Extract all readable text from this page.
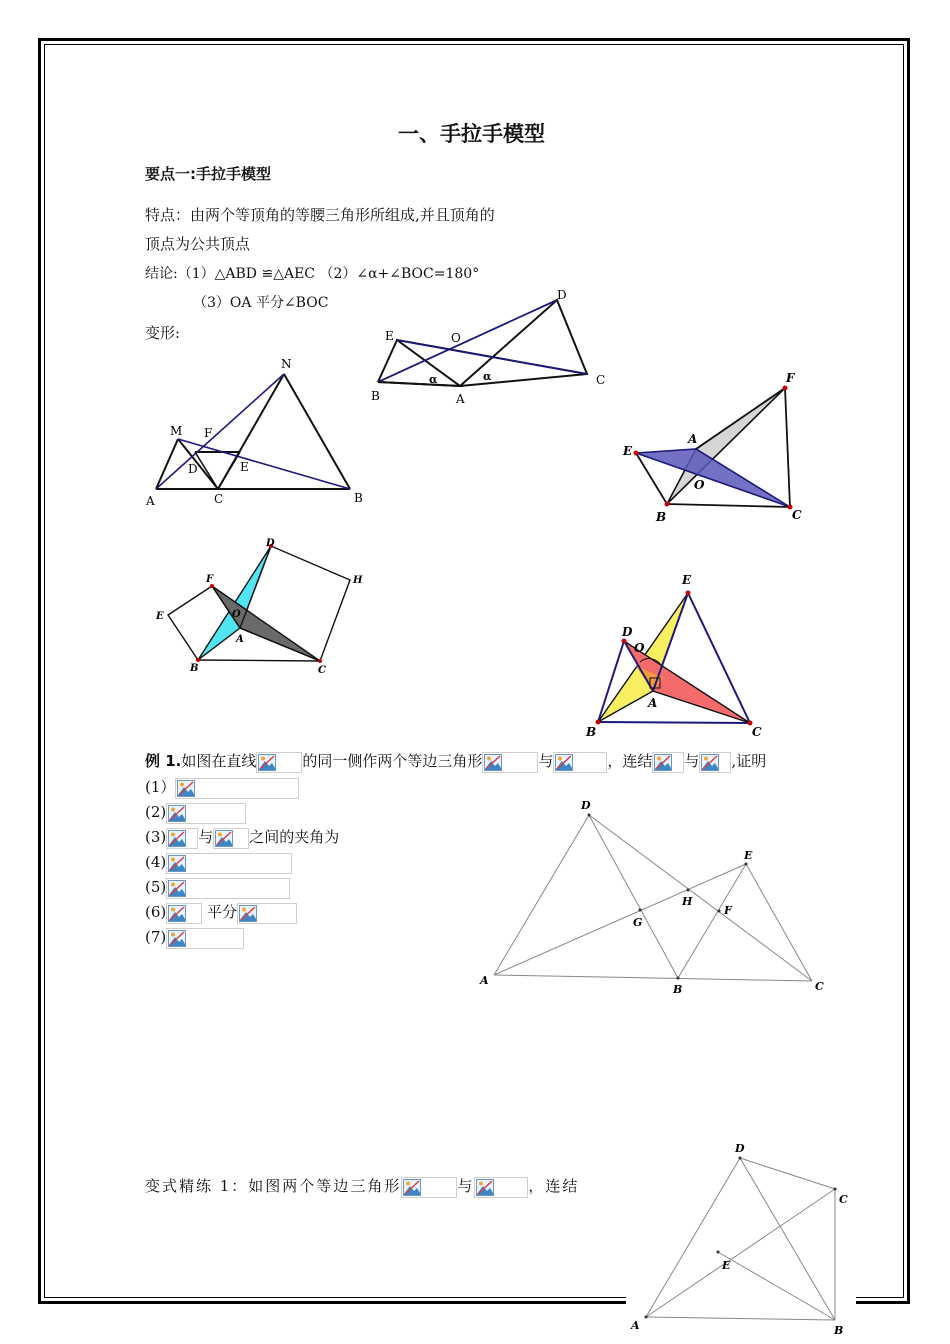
一、手拉手模型
要点一:手拉手模型
特点：由两个等顶角的等腰三角形所组成,并且顶角的
顶点为公共顶点
结论:（1）△ABD ≌△AEC （2）∠α+∠BOC=180°
（3）OA 平分∠BOC
变形:
D
E	O
B	A
C
α	α
N
M F
D	E
A	C	B
F
A
E
O
B	C
D
F	H
E	O
A
B	C
E
D
O
A
B	C
例 1.如图在直线	的同一侧作两个等边三角形	与	，连结 与 ,证明
(1）
(2)
(3) 与 之间的夹角为
(4)
(5)
(6)
平分
(7)
D
E
H
G
F
A
B	C
变式精练 1：如图两个等边三角形	与	，连结
D
C
E
A	B
